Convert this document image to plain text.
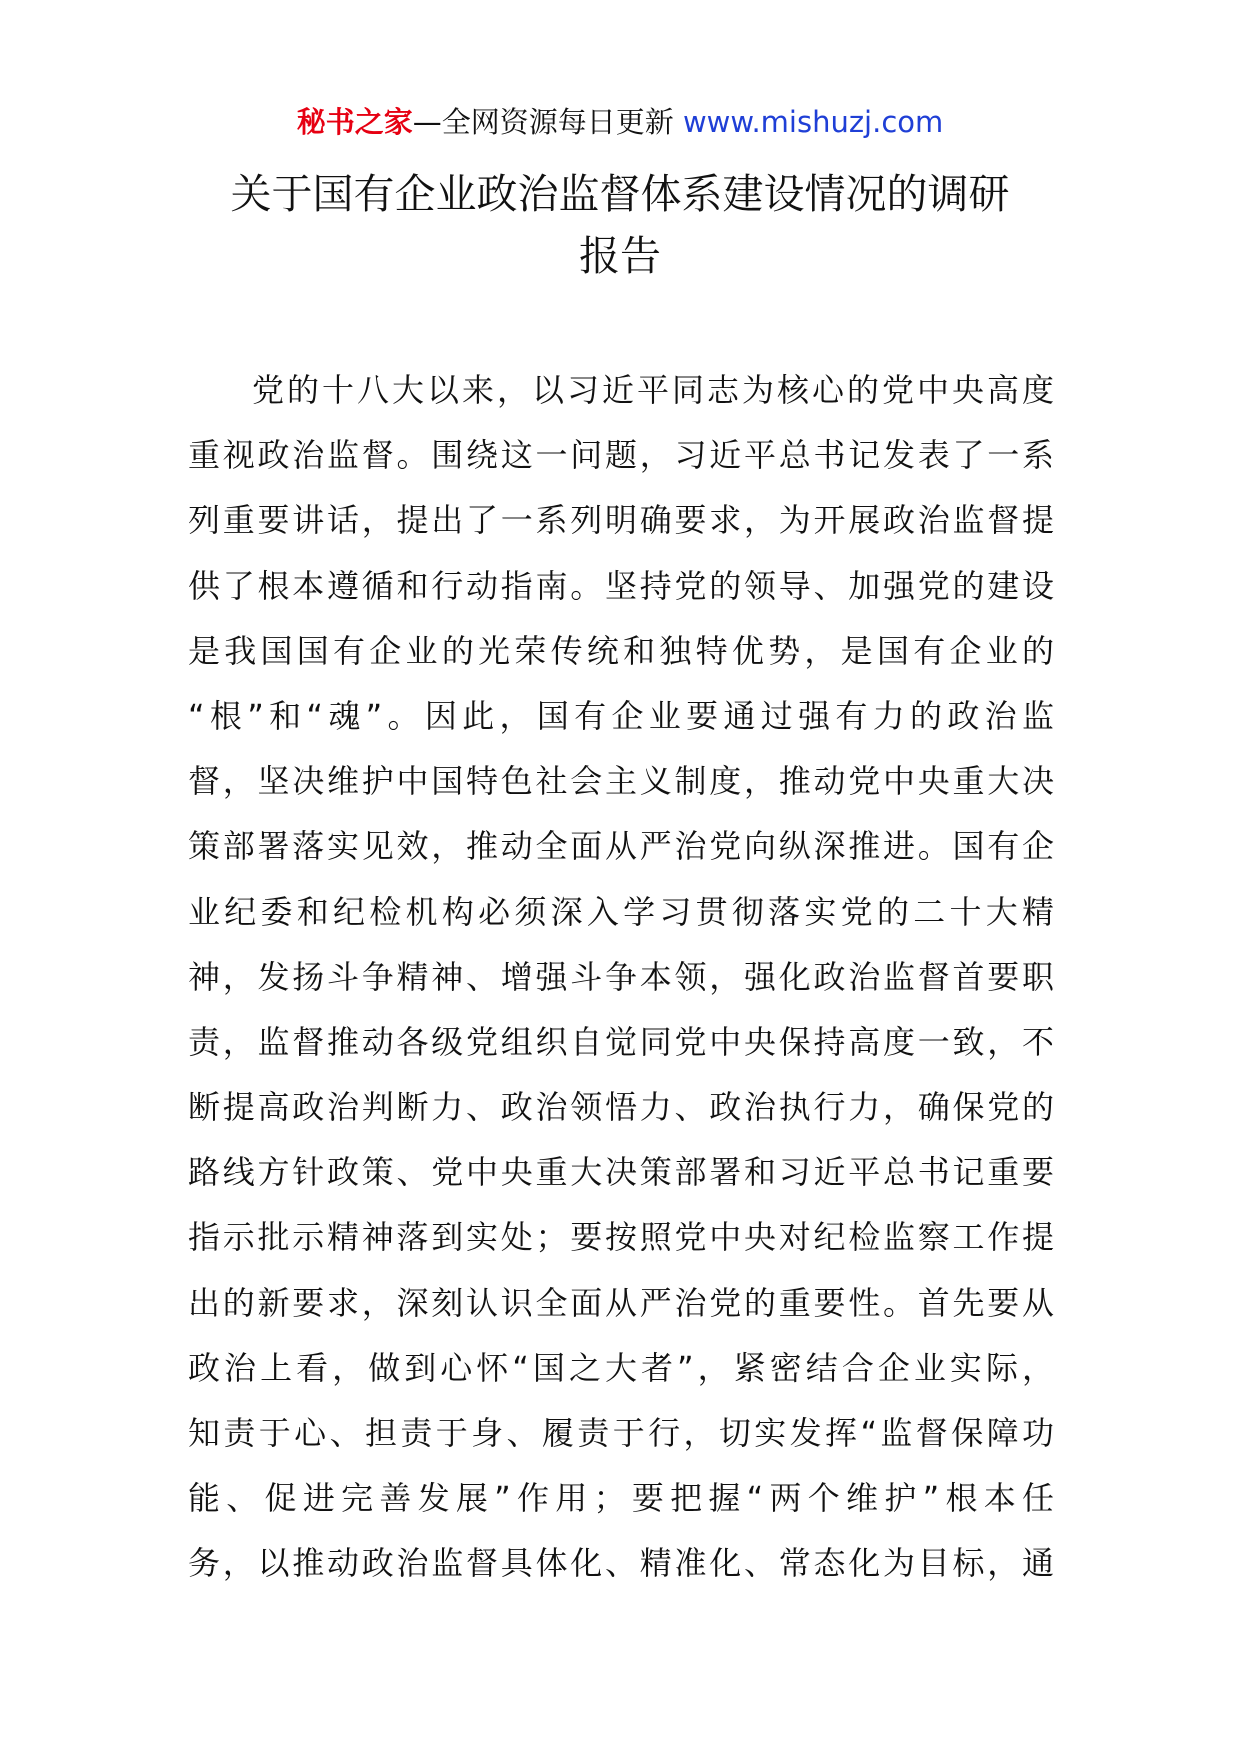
秘书之家—全网资源每日更新 www.mishuzj.com
关于国有企业政治监督体系建设情况的调研
报告
党的十八大以来，以习近平同志为核心的党中央高度
重视政治监督。围绕这一问题，习近平总书记发表了一系
列重要讲话，提出了一系列明确要求，为开展政治监督提
供了根本遵循和行动指南。坚持党的领导、加强党的建设
是我国国有企业的光荣传统和独特优势，是国有企业的
“根”和“魂”。因此，国有企业要通过强有力的政治监
督，坚决维护中国特色社会主义制度，推动党中央重大决
策部署落实见效，推动全面从严治党向纵深推进。国有企
业纪委和纪检机构必须深入学习贯彻落实党的二十大精
神，发扬斗争精神、增强斗争本领，强化政治监督首要职
责，监督推动各级党组织自觉同党中央保持高度一致，不
断提高政治判断力、政治领悟力、政治执行力，确保党的
路线方针政策、党中央重大决策部署和习近平总书记重要
指示批示精神落到实处；要按照党中央对纪检监察工作提
出的新要求，深刻认识全面从严治党的重要性。首先要从
政治上看，做到心怀“国之大者”，紧密结合企业实际，
知责于心、担责于身、履责于行，切实发挥“监督保障功
能、促进完善发展”作用；要把握“两个维护”根本任
务，以推动政治监督具体化、精准化、常态化为目标，通
